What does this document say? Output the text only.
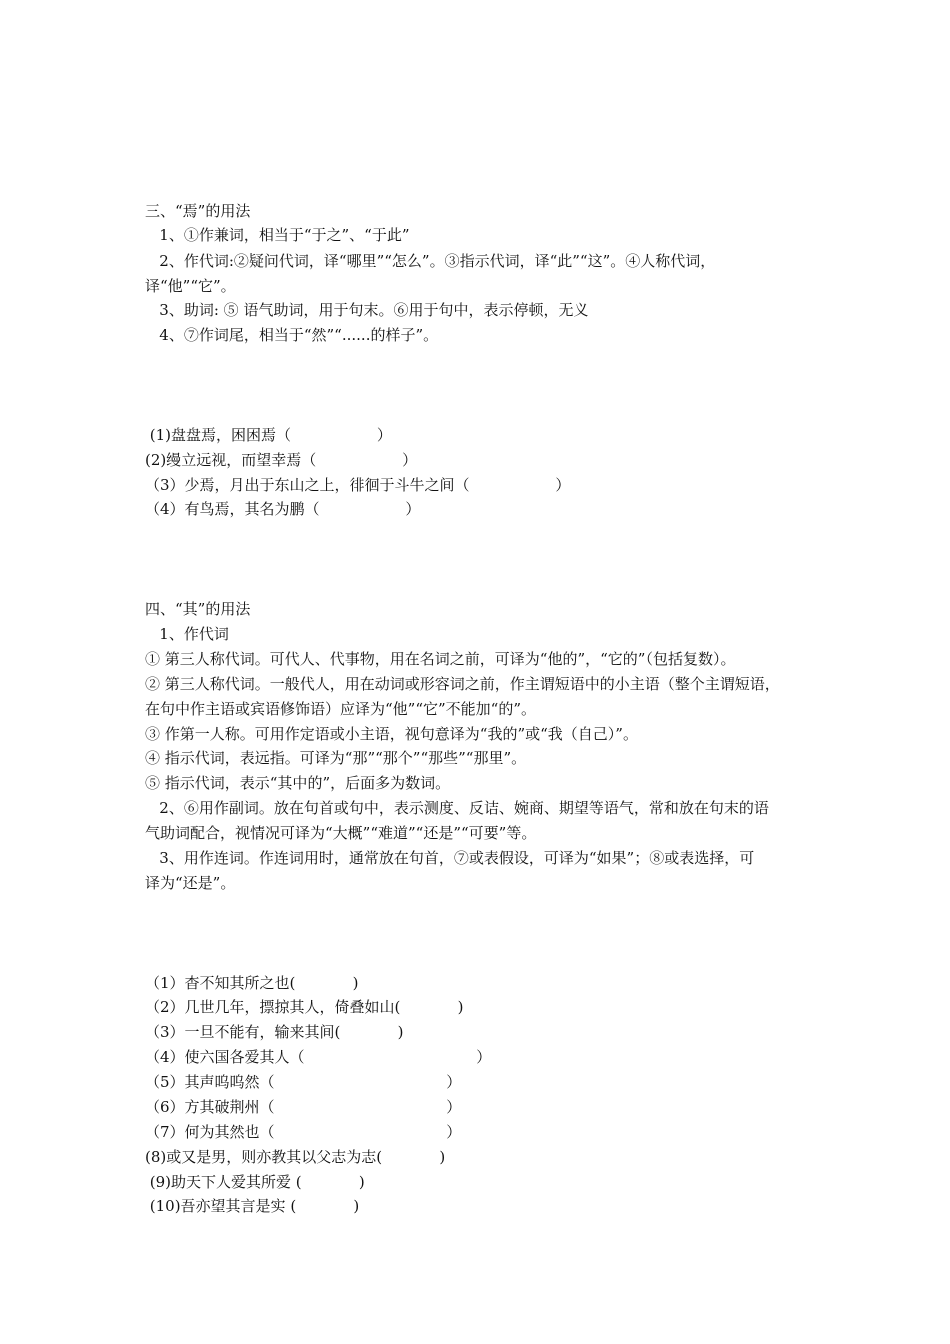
三、“焉”的用法
1、①作兼词，相当于“于之”、“于此”
2、作代词:②疑问代词，译“哪里”“怎么”。③指示代词，译“此”“这”。④人称代词，
译“他”“它”。
3、助词: ⑤ 语气助词，用于句末。⑥用于句中，表示停顿，无义
4、⑦作词尾，相当于“然”“......的样子”。
(1)盘盘焉，困困焉（                  ）
(2)缦立远视，而望幸焉（                  ）
（3）少焉，月出于东山之上，徘徊于斗牛之间（                  ）
（4）有鸟焉，其名为鹏（                  ）
四、“其”的用法
1、作代词
① 第三人称代词。可代人、代事物，用在名词之前，可译为“他的”，“它的”（包括复数）。
② 第三人称代词。一般代人，用在动词或形容词之前，作主谓短语中的小主语（整个主谓短语，
在句中作主语或宾语修饰语）应译为“他”“它”不能加“的”。
③ 作第一人称。可用作定语或小主语，视句意译为“我的”或“我（自己）”。
④ 指示代词，表远指。可译为“那”“那个”“那些”“那里”。
⑤ 指示代词，表示“其中的”，后面多为数词。
2、⑥用作副词。放在句首或句中，表示测度、反诘、婉商、期望等语气，常和放在句末的语
气助词配合，视情况可译为“大概”“难道”“还是”“可要”等。
3、用作连词。作连词用时，通常放在句首，⑦或表假设，可译为“如果”；⑧或表选择，可
译为“还是”。
（1）杳不知其所之也(            )
（2）几世几年，摽掠其人，倚叠如山(            )
（3）一旦不能有，输来其间(            )
（4）使六国各爱其人（                                    ）
（5）其声呜呜然（                                    ）
（6）方其破荆州（                                    ）
（7）何为其然也（                                    ）
(8)或又是男，则亦教其以父志为志(            )
(9)助天下人爱其所爱 (            )
(10)吾亦望其言是实 (            )
